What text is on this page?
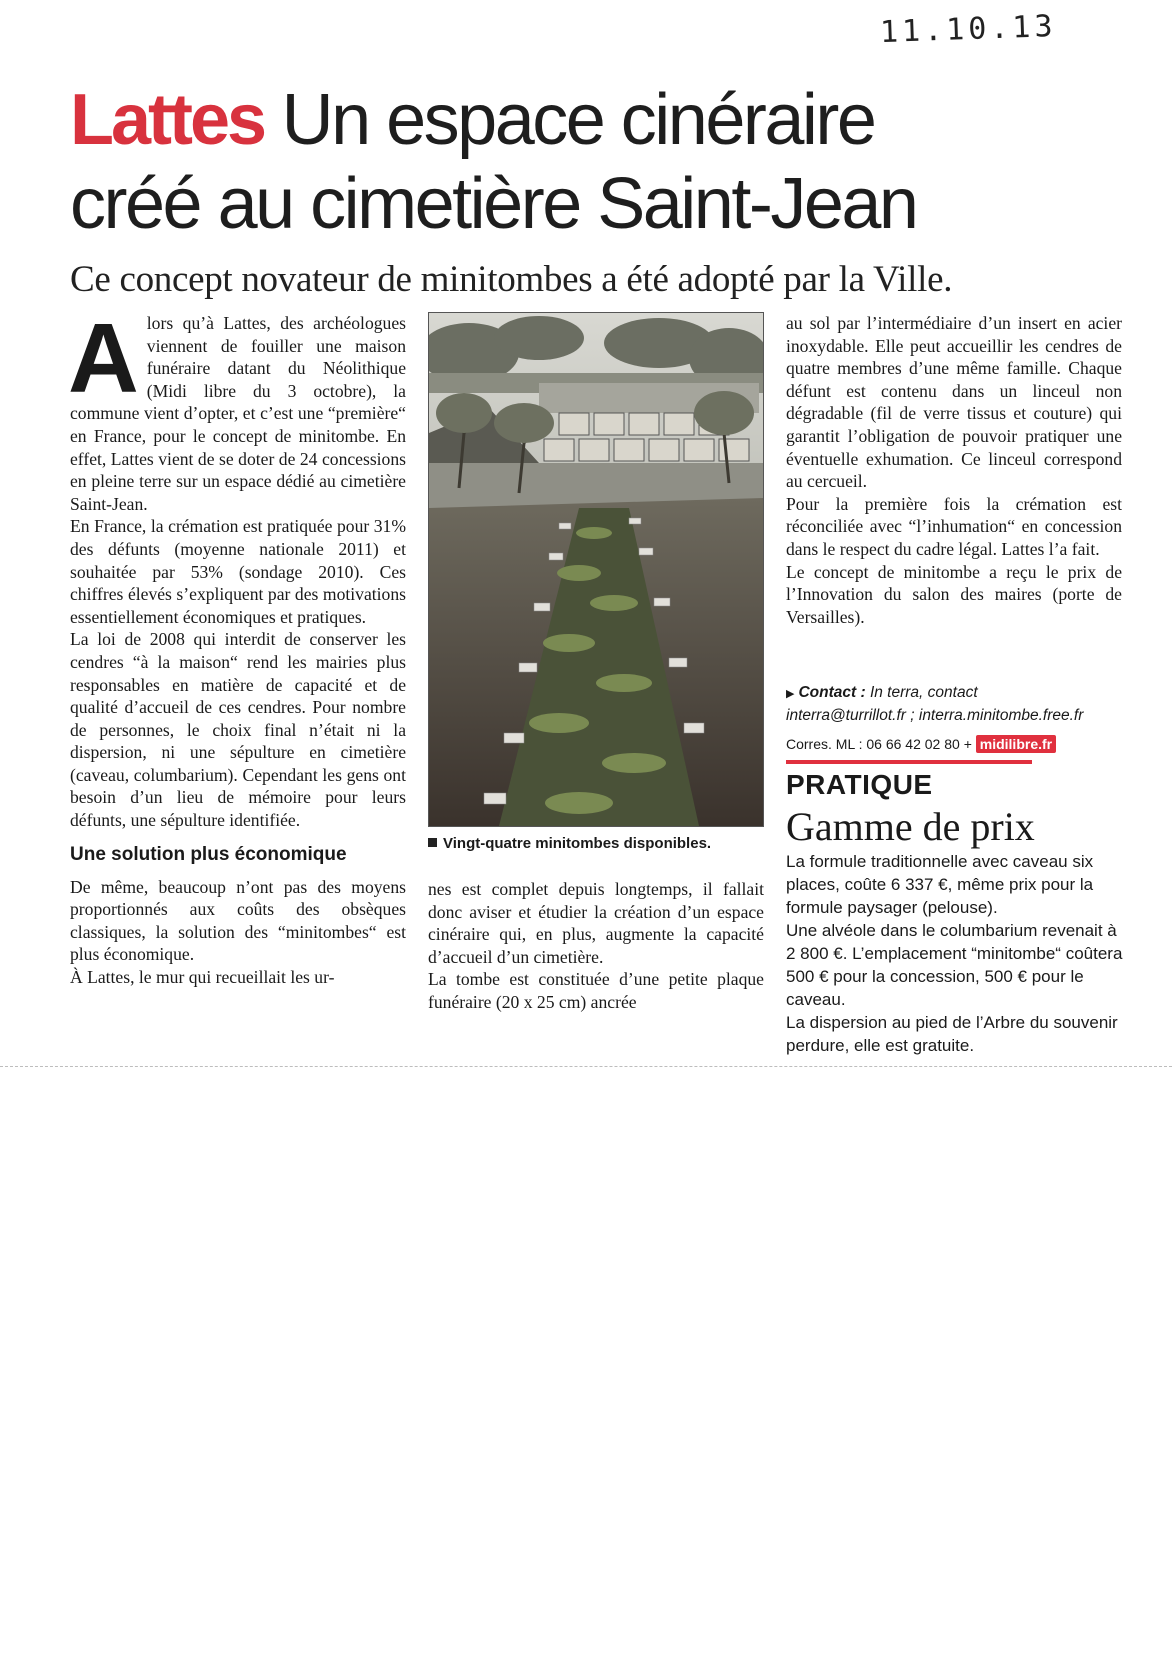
11.10.13
Lattes Un espace cinéraire
créé au cimetière Saint-Jean
Ce concept novateur de minitombes a été adopté par la Ville.
A lors qu’à Lattes, des archéologues viennent de fouiller une maison funéraire datant du Néolithique (Midi libre du 3 octobre), la commune vient d’opter, et c’est une “première“ en France, pour le concept de minitombe. En effet, Lattes vient de se doter de 24 concessions en pleine terre sur un espace dédié au cimetière Saint-Jean.

En France, la crémation est pratiquée pour 31% des défunts (moyenne nationale 2011) et souhaitée par 53% (sondage 2010). Ces chiffres élevés s’expliquent par des motivations essentiellement économiques et pratiques.

La loi de 2008 qui interdit de conserver les cendres “à la maison“ rend les mairies plus responsables en matière de capacité et de qualité d’accueil de ces cendres. Pour nombre de personnes, le choix final n’était ni la dispersion, ni une sépulture en cimetière (caveau, columbarium). Cependant les gens ont besoin d’un lieu de mémoire pour leurs défunts, une sépulture identifiée.

Une solution plus économique

De même, beaucoup n’ont pas des moyens proportionnés aux coûts des obsèques classiques, la solution des “minitombes“ est plus économique.

À Lattes, le mur qui recueillait les ur-

Vingt-quatre minitombes disponibles.

nes est complet depuis longtemps, il fallait donc aviser et étudier la création d’un espace cinéraire qui, en plus, augmente la capacité d’accueil d’un cimetière.

La tombe est constituée d’une petite plaque funéraire (20 x 25 cm) ancrée

au sol par l’intermédiaire d’un insert en acier inoxydable. Elle peut accueillir les cendres de quatre membres d’une même famille. Chaque défunt est contenu dans un linceul non dégradable (fil de verre tissus et couture) qui garantit l’obligation de pouvoir pratiquer une éventuelle exhumation. Ce linceul correspond au cercueil.

Pour la première fois la crémation est réconciliée avec “l’inhumation“ en concession dans le respect du cadre légal. Lattes l’a fait.

Le concept de minitombe a reçu le prix de l’Innovation du salon des maires (porte de Versailles).

▶ Contact : In terra, contact
interra@turrillot.fr ; interra.minitombe.free.fr
Corres. ML : 06 66 42 02 80 + midilibre.fr
PRATIQUE
Gamme de prix

La formule traditionnelle avec caveau six places, coûte 6 337 €, même prix pour la formule paysager (pelouse).

Une alvéole dans le columbarium revenait à 2 800 €. L’emplacement “minitombe“ coûtera 500 € pour la concession, 500 € pour le caveau.

La dispersion au pied de l’Arbre du souvenir perdure, elle est gratuite.
